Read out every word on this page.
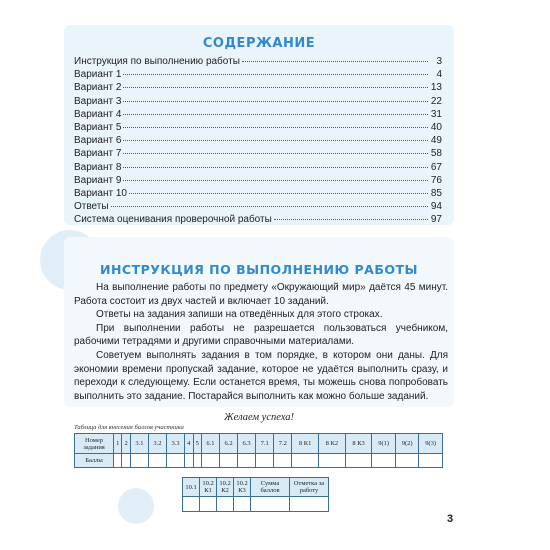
СОДЕРЖАНИЕ
Инструкция по выполнению работы	3
Вариант 1	4
Вариант 2	13
Вариант 3	22
Вариант 4	31
Вариант 5	40
Вариант 6	49
Вариант 7	58
Вариант 8	67
Вариант 9	76
Вариант 10	85
Ответы	94
Система оценивания проверочной работы	97
ИНСТРУКЦИЯ ПО ВЫПОЛНЕНИЮ РАБОТЫ

На выполнение работы по предмету «Окружающий мир» даётся 45 минут. Работа состоит из двух частей и включает 10 заданий.

Ответы на задания запиши на отведённых для этого строках.

При выполнении работы не разрешается пользоваться учебником, рабочими тетрадями и другими справочными материалами.

Советуем выполнять задания в том порядке, в котором они даны. Для экономии времени пропускай задание, которое не удаётся выполнить сразу, и переходи к следующему. Если останется время, ты можешь снова попробовать выполнить это задание. Постарайся выполнить как можно больше заданий.

Желаем успеха!
Таблица для внесения баллов участника
Номер задания	1	2	3.1	3.2	3.3	4	5	6.1	6.2	6.3	7.1	7.2	8 К1	8 К2	8 К3	9(1)	9(2)	9(3)
Баллы																		
10.1	10.2 К1	10.2 К2	10.2 К3	Сумма баллов	Отметка за работу

3
